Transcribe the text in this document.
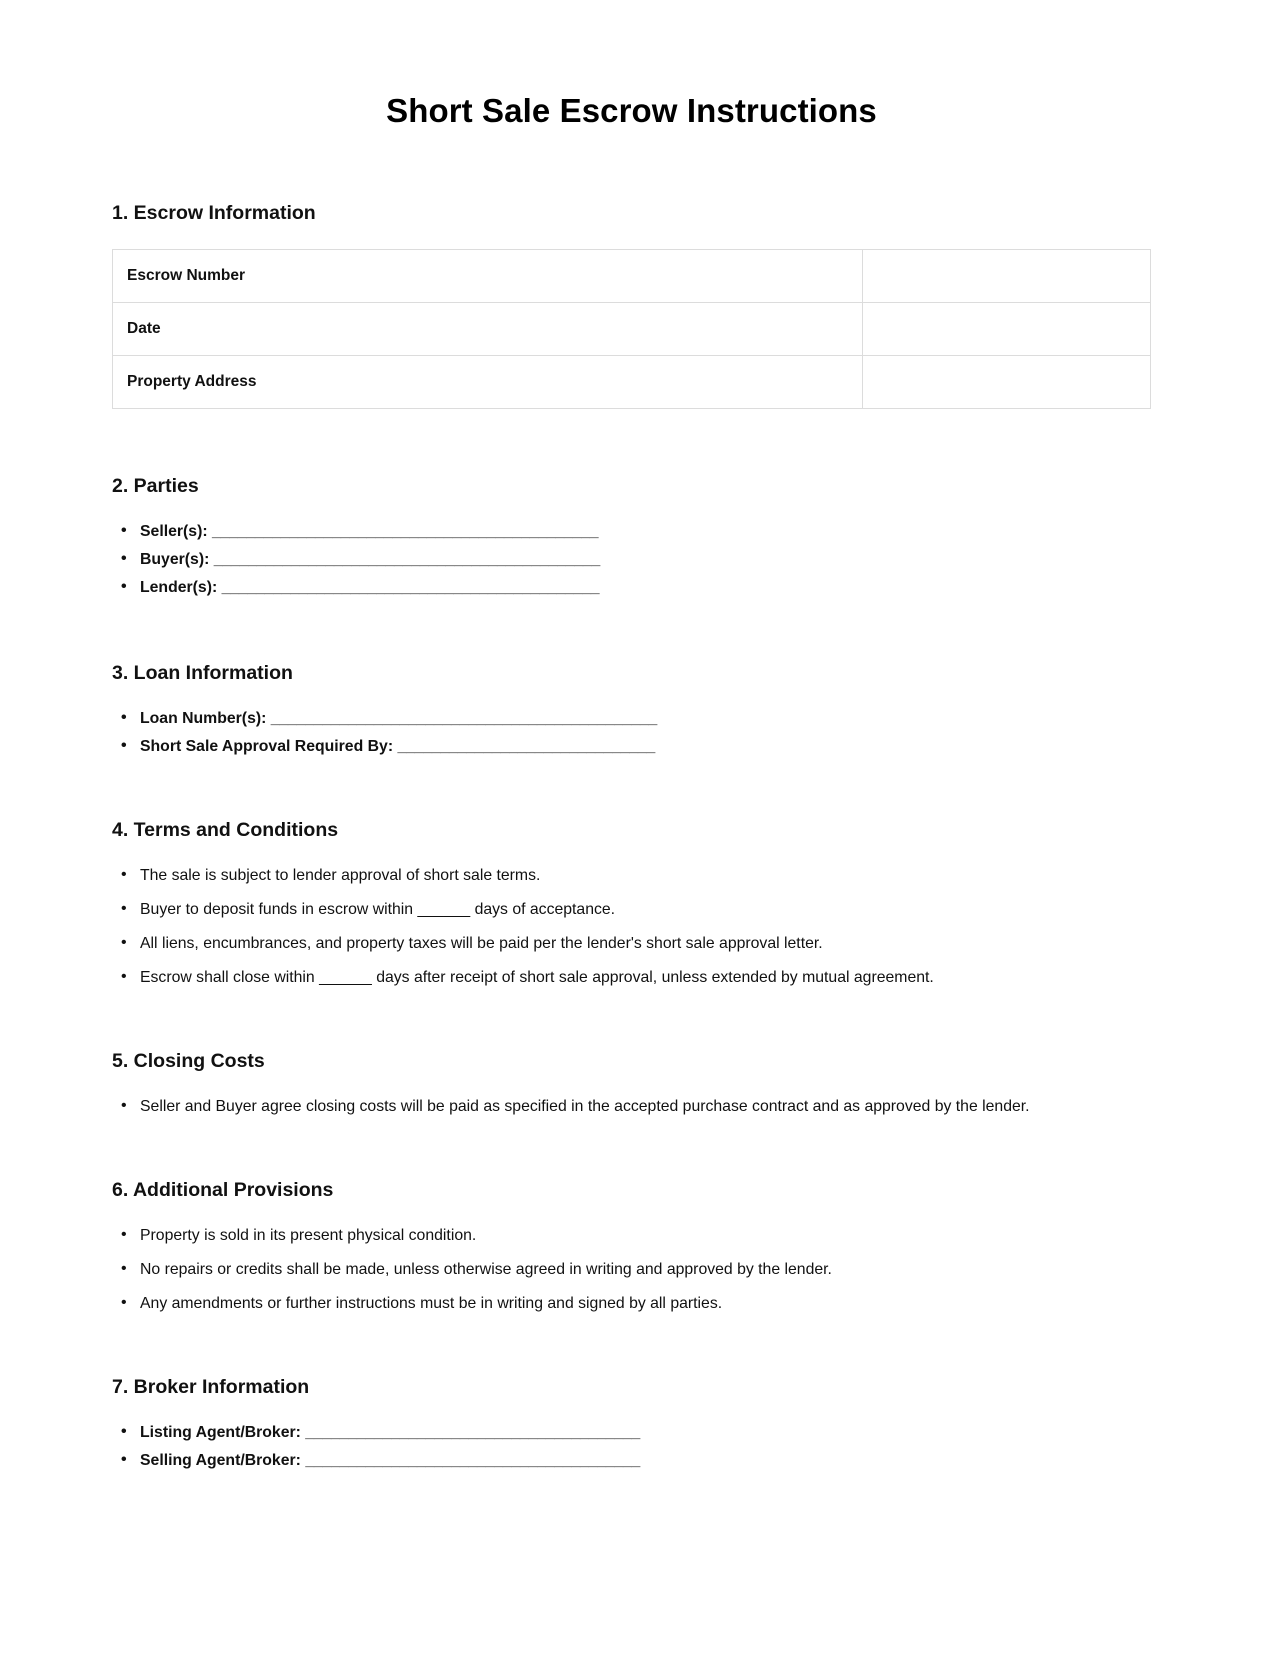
Short Sale Escrow Instructions
1. Escrow Information
Escrow Number	
Date	
Property Address	
2. Parties
• Seller(s): _____________________________________________
• Buyer(s): _____________________________________________
• Lender(s): ____________________________________________
3. Loan Information
• Loan Number(s): _____________________________________________
• Short Sale Approval Required By: ______________________________
4. Terms and Conditions
• The sale is subject to lender approval of short sale terms.
• Buyer to deposit funds in escrow within ______ days of acceptance.
• All liens, encumbrances, and property taxes will be paid per the lender's short sale approval letter.
• Escrow shall close within ______ days after receipt of short sale approval, unless extended by mutual agreement.
5. Closing Costs
• Seller and Buyer agree closing costs will be paid as specified in the accepted purchase contract and as approved by the lender.
6. Additional Provisions
• Property is sold in its present physical condition.
• No repairs or credits shall be made, unless otherwise agreed in writing and approved by the lender.
• Any amendments or further instructions must be in writing and signed by all parties.
7. Broker Information
• Listing Agent/Broker: _______________________________________
• Selling Agent/Broker: _______________________________________
